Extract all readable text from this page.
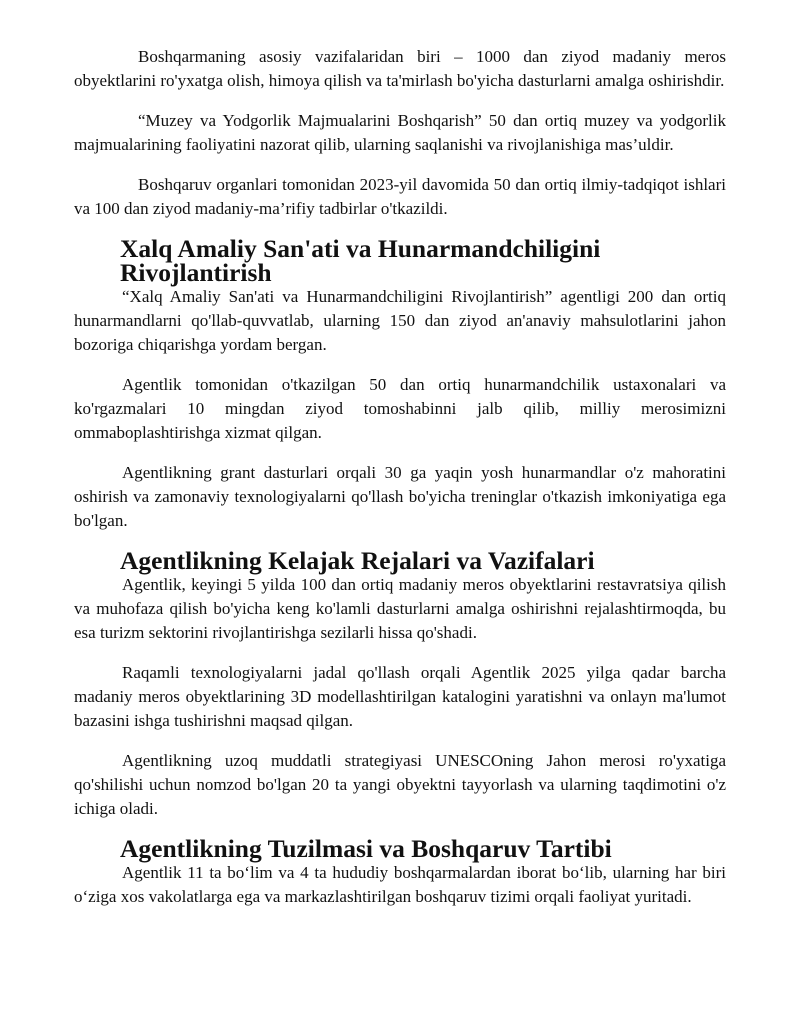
Boshqarmaning asosiy vazifalaridan biri – 1000 dan ziyod madaniy meros obyektlarini ro'yxatga olish, himoya qilish va ta'mirlash bo'yicha dasturlarni amalga oshirishdir.

“Muzey va Yodgorlik Majmualarini Boshqarish” 50 dan ortiq muzey va yodgorlik majmualarining faoliyatini nazorat qilib, ularning saqlanishi va rivojlanishiga mas’uldir.

Boshqaruv organlari tomonidan 2023-yil davomida 50 dan ortiq ilmiy-tadqiqot ishlari va 100 dan ziyod madaniy-ma’rifiy tadbirlar o'tkazildi.

Xalq Amaliy San'ati va Hunarmandchiligini Rivojlantirish

“Xalq Amaliy San'ati va Hunarmandchiligini Rivojlantirish” agentligi 200 dan ortiq hunarmandlarni qo'llab-quvvatlab, ularning 150 dan ziyod an'anaviy mahsulotlarini jahon bozoriga chiqarishga yordam bergan.

Agentlik tomonidan o'tkazilgan 50 dan ortiq hunarmandchilik ustaxonalari va ko'rgazmalari 10 mingdan ziyod tomoshabinni jalb qilib, milliy merosimizni ommaboplashtirishga xizmat qilgan.

Agentlikning grant dasturlari orqali 30 ga yaqin yosh hunarmandlar o'z mahoratini oshirish va zamonaviy texnologiyalarni qo'llash bo'yicha treninglar o'tkazish imkoniyatiga ega bo'lgan.

Agentlikning Kelajak Rejalari va Vazifalari

Agentlik, keyingi 5 yilda 100 dan ortiq madaniy meros obyektlarini restavratsiya qilish va muhofaza qilish bo'yicha keng ko'lamli dasturlarni amalga oshirishni rejalashtirmoqda, bu esa turizm sektorini rivojlantirishga sezilarli hissa qo'shadi.

Raqamli texnologiyalarni jadal qo'llash orqali Agentlik 2025 yilga qadar barcha madaniy meros obyektlarining 3D modellashtirilgan katalogini yaratishni va onlayn ma'lumot bazasini ishga tushirishni maqsad qilgan.

Agentlikning uzoq muddatli strategiyasi UNESCOning Jahon merosi ro'yxatiga qo'shilishi uchun nomzod bo'lgan 20 ta yangi obyektni tayyorlash va ularning taqdimotini o'z ichiga oladi.

Agentlikning Tuzilmasi va Boshqaruv Tartibi

Agentlik 11 ta bo‘lim va 4 ta hududiy boshqarmalardan iborat bo‘lib, ularning har biri o‘ziga xos vakolatlarga ega va markazlashtirilgan boshqaruv tizimi orqali faoliyat yuritadi.
